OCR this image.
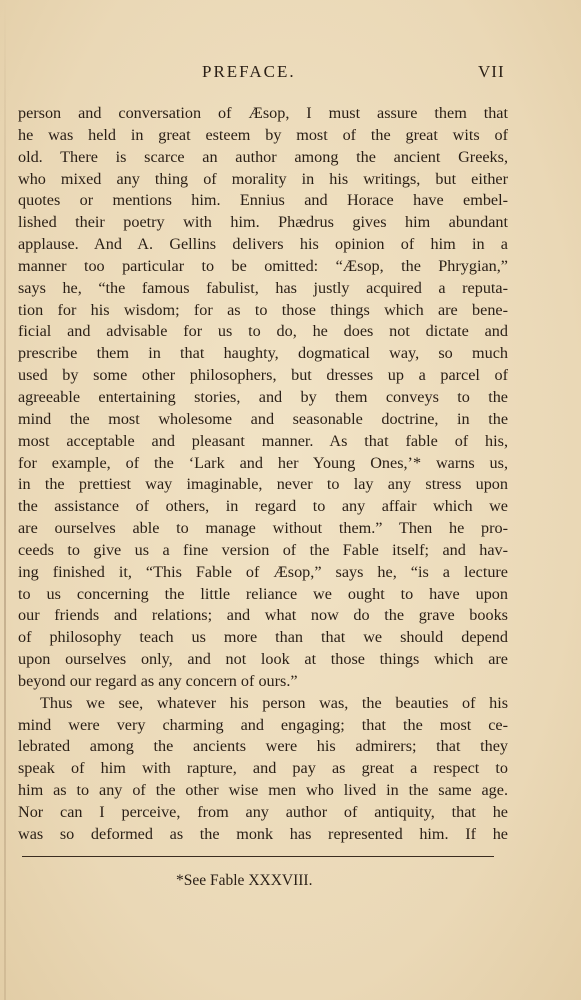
PREFACE.	VII
person and conversation of Æsop, I must assure them that
he was held in great esteem by most of the great wits of
old. There is scarce an author among the ancient Greeks,
who mixed any thing of morality in his writings, but either
quotes or mentions him. Ennius and Horace have embel-
lished their poetry with him. Phædrus gives him abundant
applause. And A. Gellins delivers his opinion of him in a
manner too particular to be omitted: “Æsop, the Phrygian,”
says he, “the famous fabulist, has justly acquired a reputa-
tion for his wisdom; for as to those things which are bene-
ficial and advisable for us to do, he does not dictate and
prescribe them in that haughty, dogmatical way, so much
used by some other philosophers, but dresses up a parcel of
agreeable entertaining stories, and by them conveys to the
mind the most wholesome and seasonable doctrine, in the
most acceptable and pleasant manner. As that fable of his,
for example, of the ‘Lark and her Young Ones,’* warns us,
in the prettiest way imaginable, never to lay any stress upon
the assistance of others, in regard to any affair which we
are ourselves able to manage without them.” Then he pro-
ceeds to give us a fine version of the Fable itself; and hav-
ing finished it, “This Fable of Æsop,” says he, “is a lecture
to us concerning the little reliance we ought to have upon
our friends and relations; and what now do the grave books
of philosophy teach us more than that we should depend
upon ourselves only, and not look at those things which are
beyond our regard as any concern of ours.”
Thus we see, whatever his person was, the beauties of his
mind were very charming and engaging; that the most ce-
lebrated among the ancients were his admirers; that they
speak of him with rapture, and pay as great a respect to
him as to any of the other wise men who lived in the same age.
Nor can I perceive, from any author of antiquity, that he
was so deformed as the monk has represented him. If he
*See Fable XXXVIII.
